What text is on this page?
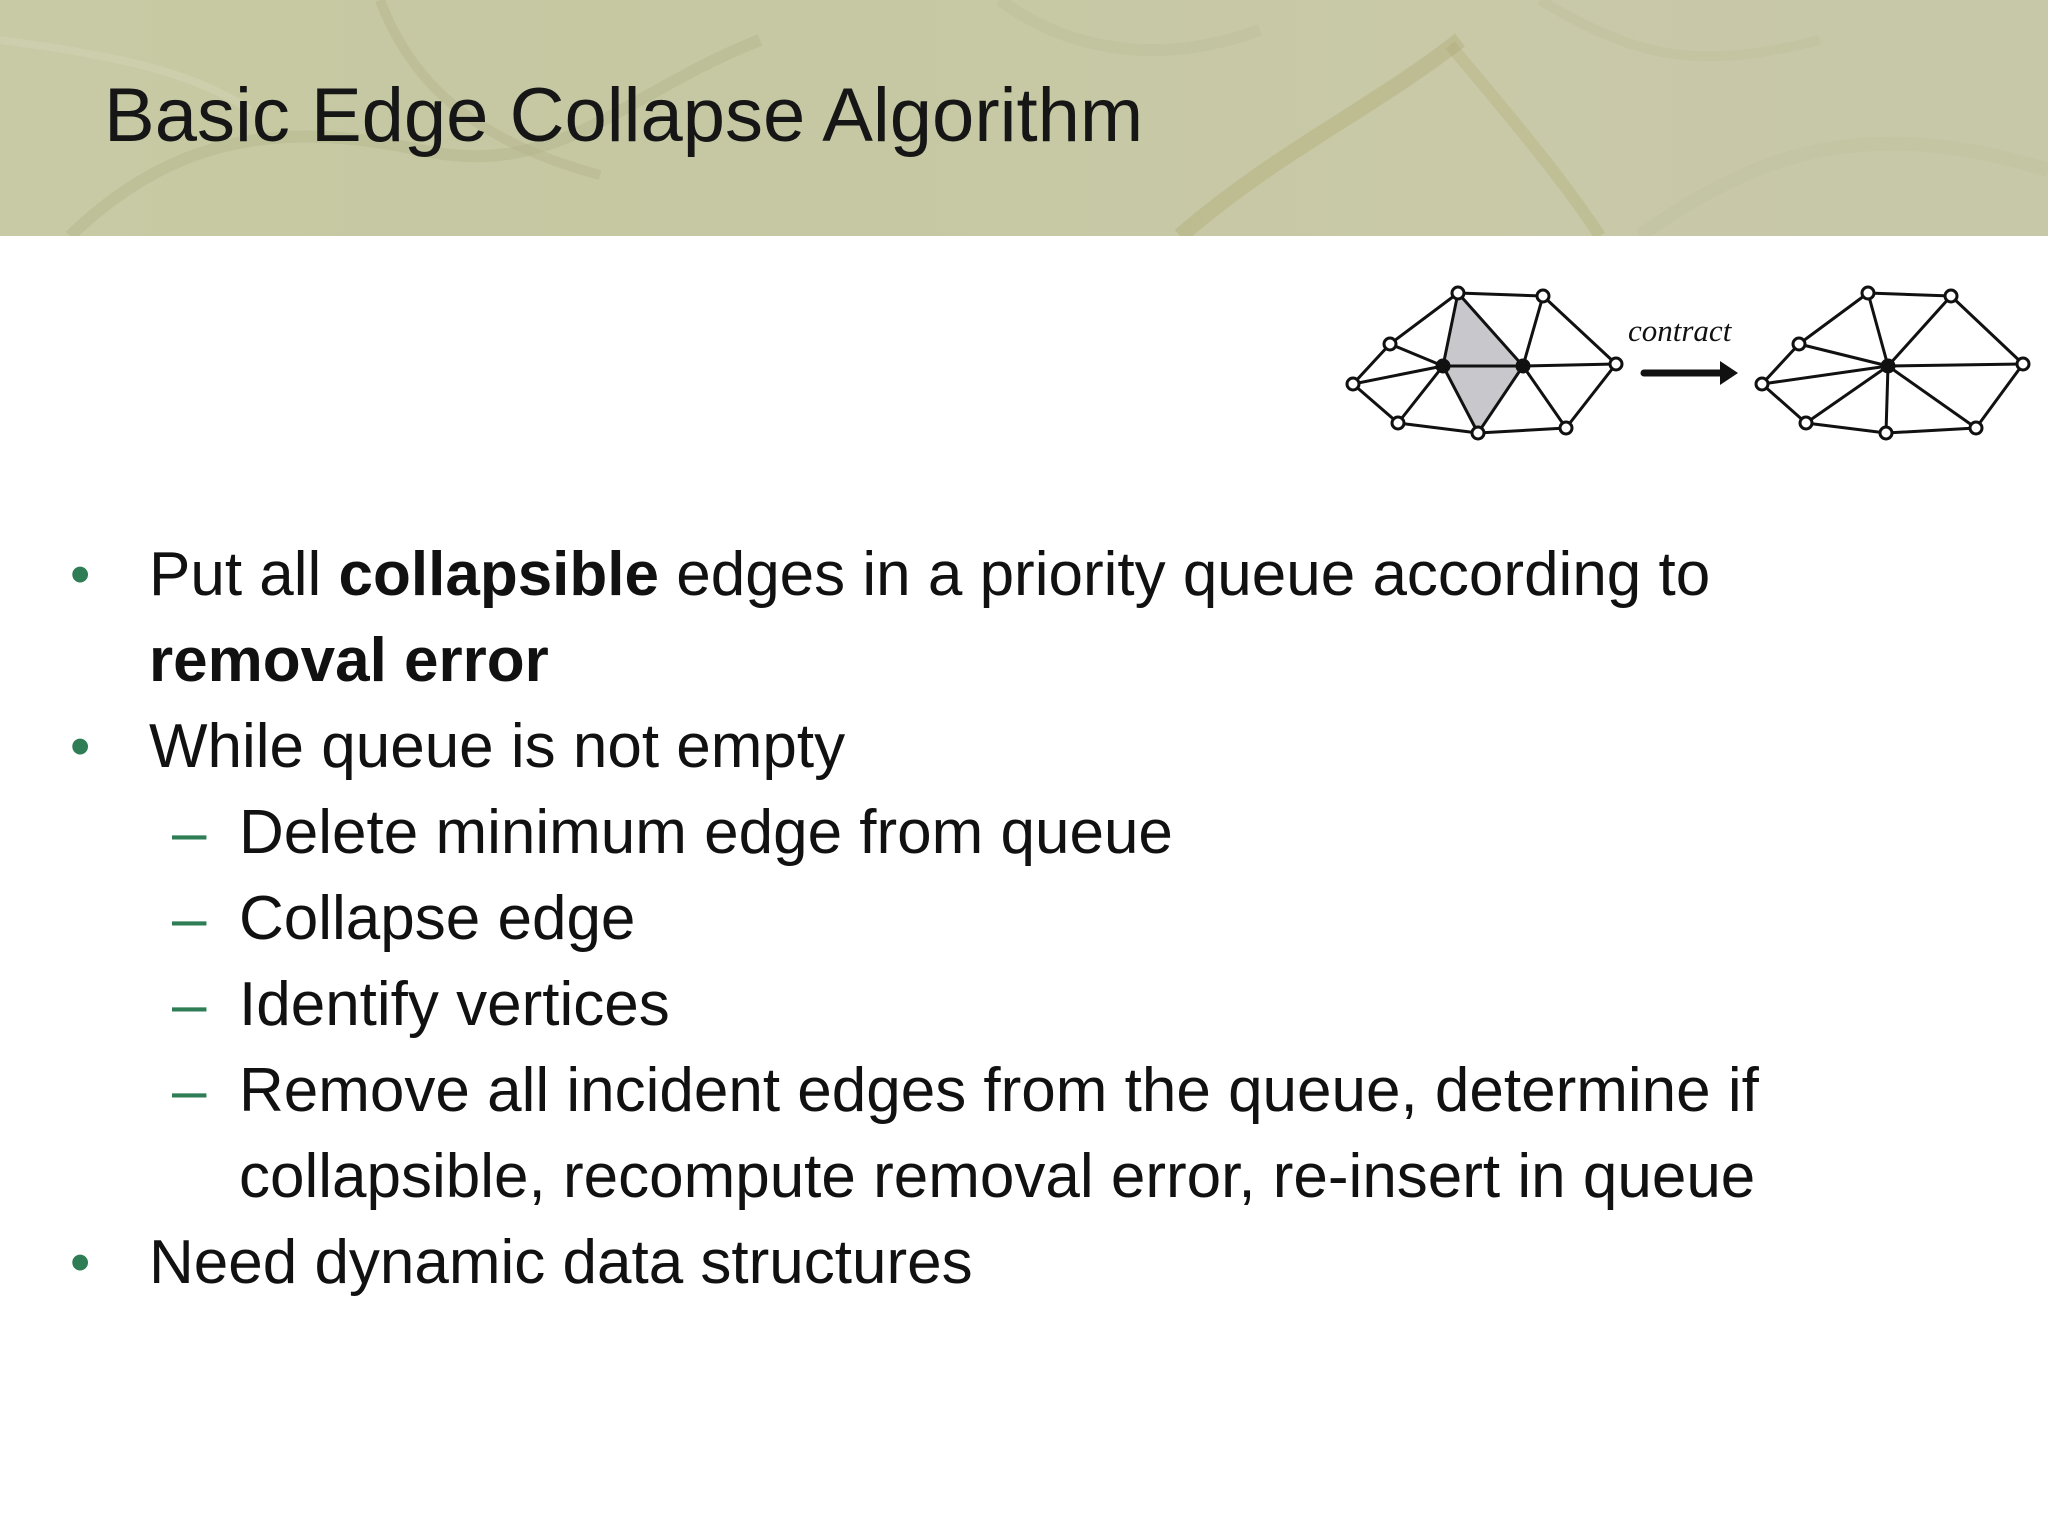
Basic Edge Collapse Algorithm
contract
• Put all collapsible edges in a priority queue according to
removal error
• While queue is not empty
– Delete minimum edge from queue
– Collapse edge
– Identify vertices
– Remove all incident edges from the queue, determine if
collapsible, recompute removal error, re-insert in queue
• Need dynamic data structures
